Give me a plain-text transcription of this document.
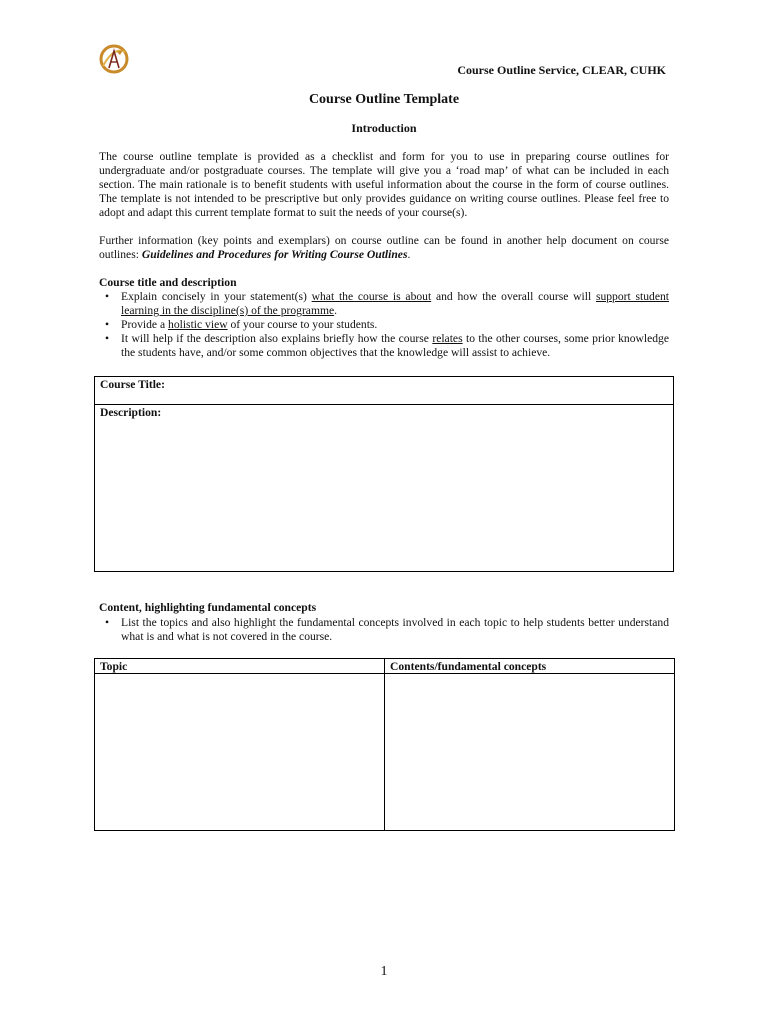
Course Outline Service, CLEAR, CUHK
Course Outline Template
Introduction
The course outline template is provided as a checklist and form for you to use in preparing course outlines for undergraduate and/or postgraduate courses. The template will give you a ‘road map’ of what can be included in each section. The main rationale is to benefit students with useful information about the course in the form of course outlines. The template is not intended to be prescriptive but only provides guidance on writing course outlines. Please feel free to adopt and adapt this current template format to suit the needs of your course(s).
Further information (key points and exemplars) on course outline can be found in another help document on course outlines: Guidelines and Procedures for Writing Course Outlines.
Course title and description
• Explain concisely in your statement(s) what the course is about and how the overall course will support student learning in the discipline(s) of the programme.
• Provide a holistic view of your course to your students.
• It will help if the description also explains briefly how the course relates to the other courses, some prior knowledge the students have, and/or some common objectives that the knowledge will assist to achieve.
Course Title:
Description:
Content, highlighting fundamental concepts
• List the topics and also highlight the fundamental concepts involved in each topic to help students better understand what is and what is not covered in the course.
Topic	Contents/fundamental concepts
1
